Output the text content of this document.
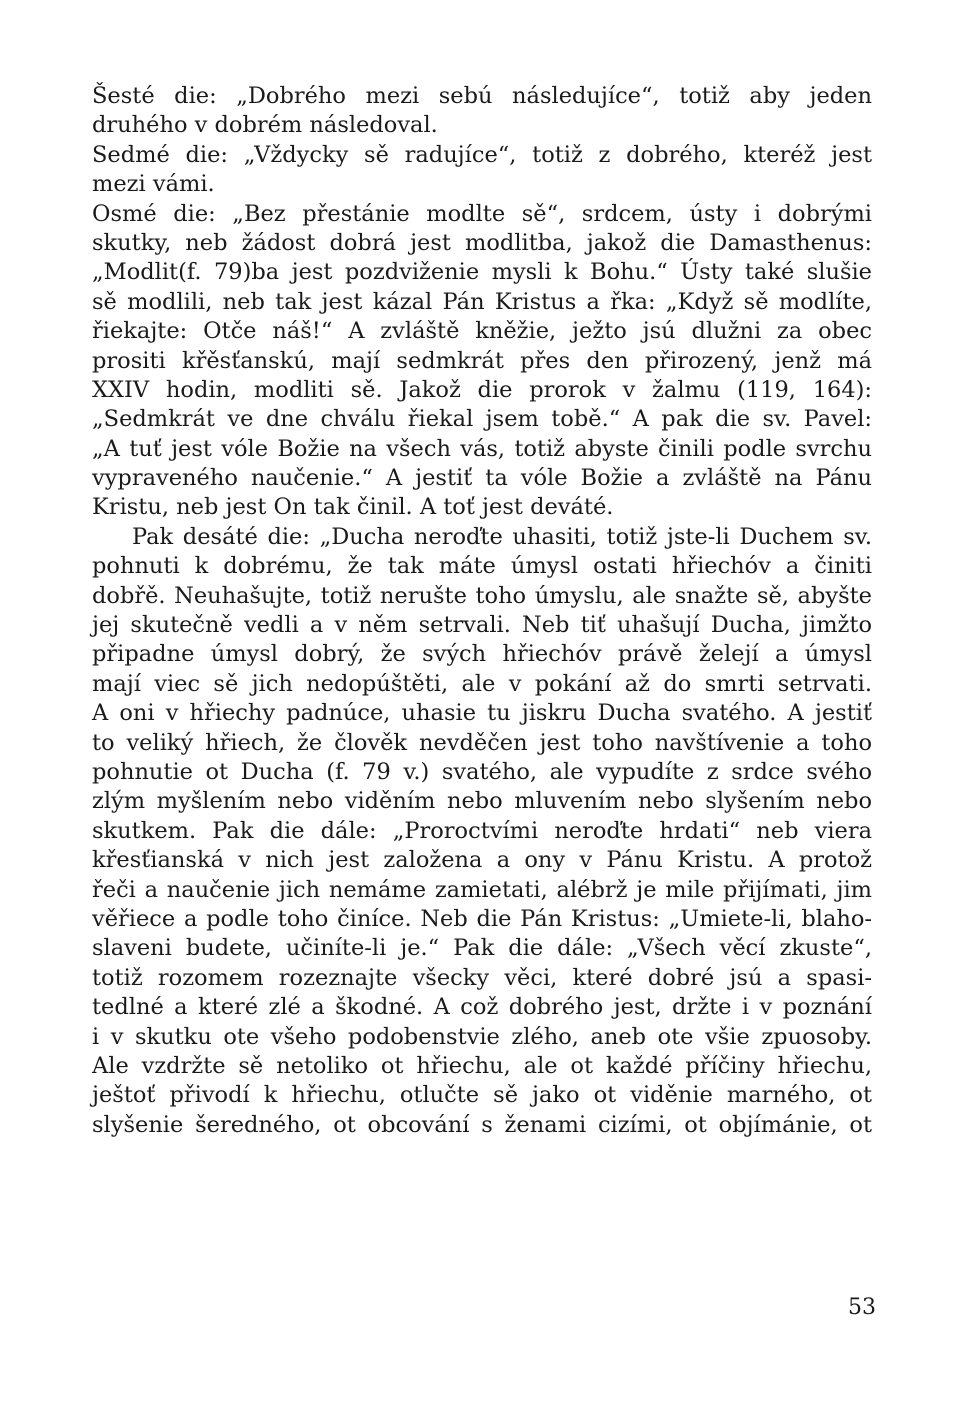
Šesté die: „Dobrého mezi sebú následujíce“, totiž aby jeden
druhého v dobrém následoval.
Sedmé die: „Vždycky sě radujíce“, totiž z dobrého, kteréž jest
mezi vámi.
Osmé die: „Bez přestánie modlte sě“, srdcem, ústy i dobrými
skutky, neb žádost dobrá jest modlitba, jakož die Damasthenus:
„Modlit(f. 79)ba jest pozdviženie mysli k Bohu.“ Ústy také slušie
sě modlili, neb tak jest kázal Pán Kristus a řka: „Když sě modlíte,
řiekajte: Otče náš!“ A zvláště kněžie, ježto jsú dlužni za obec
prositi křěsťanskú, mají sedmkrát přes den přirozený, jenž má
XXIV hodin, modliti sě. Jakož die prorok v žalmu (119, 164):
„Sedmkrát ve dne chválu řiekal jsem tobě.“ A pak die sv. Pavel:
„A tuť jest vóle Božie na všech vás, totiž abyste činili podle svrchu
vypraveného naučenie.“ A jestiť ta vóle Božie a zvláště na Pánu
Kristu, neb jest On tak činil. A toť jest deváté.
Pak desáté die: „Ducha neroďte uhasiti, totiž jste-li Duchem sv.
pohnuti k dobrému, že tak máte úmysl ostati hřiechóv a činiti
dobřě. Neuhašujte, totiž nerušte toho úmyslu, ale snažte sě, abyšte
jej skutečně vedli a v něm setrvali. Neb tiť uhašují Ducha, jimžto
připadne úmysl dobrý, že svých hřiechóv právě želejí a úmysl
mají viec sě jich nedopúštěti, ale v pokání až do smrti setrvati.
A oni v hřiechy padnúce, uhasie tu jiskru Ducha svatého. A jestiť
to veliký hřiech, že člověk nevděčen jest toho navštívenie a toho
pohnutie ot Ducha (f. 79 v.) svatého, ale vypudíte z srdce svého
zlým myšlením nebo viděním nebo mluvením nebo slyšením nebo
skutkem. Pak die dále: „Proroctvími neroďte hrdati“ neb viera
křesťianská v nich jest založena a ony v Pánu Kristu. A protož
řeči a naučenie jich nemáme zamietati, alébrž je mile přijímati, jim
věřiece a podle toho činíce. Neb die Pán Kristus: „Umiete-li, blaho-
slaveni budete, učiníte-li je.“ Pak die dále: „Všech věcí zkuste“,
totiž rozomem rozeznajte všecky věci, které dobré jsú a spasi-
tedlné a které zlé a škodné. A což dobrého jest, držte i v poznání
i v skutku ote všeho podobenstvie zlého, aneb ote všie zpuosoby.
Ale vzdržte sě netoliko ot hřiechu, ale ot každé příčiny hřiechu,
ještoť přivodí k hřiechu, otlučte sě jako ot viděnie marného, ot
slyšenie šeredného, ot obcování s ženami cizími, ot objímánie, ot
53
